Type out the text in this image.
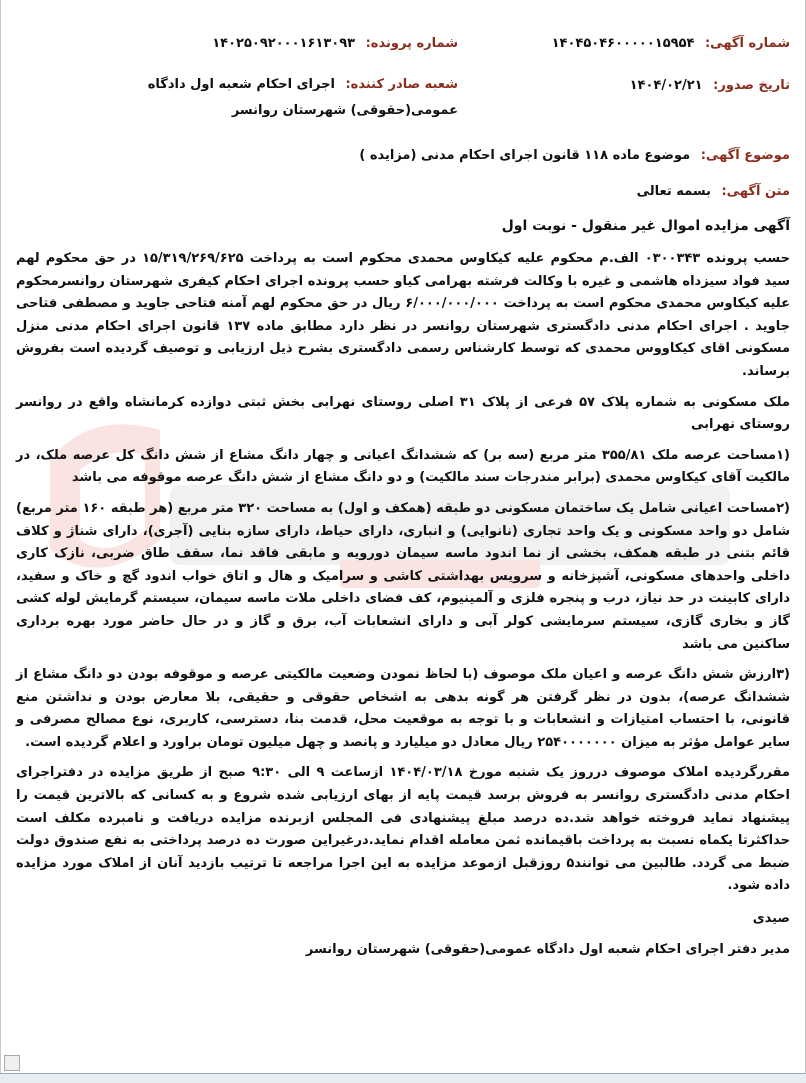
شماره آگهی: ۱۴۰۴۵۰۴۶۰۰۰۰۰۱۵۹۵۴
شماره پرونده: ۱۴۰۲۵۰۹۲۰۰۰۱۶۱۳۰۹۳
تاریخ صدور: ۱۴۰۴/۰۲/۲۱
شعبه صادر کننده: اجرای احکام شعبه اول دادگاه عمومی(حقوقی) شهرستان روانسر
موضوع آگهی: موضوع ماده ۱۱۸ قانون اجرای احکام مدنی (مزایده )
متن آگهی: بسمه تعالی
آگهی مزایده اموال غیر منقول - نوبت اول

حسب پرونده ۰۳۰۰۳۴۳ الف.م محکوم علیه کیکاوس محمدی محکوم است به پرداخت ۱۵/۳۱۹/۲۶۹/۶۲۵ در حق محکوم لهم سید فواد سیزداه هاشمی و غیره با وکالت فرشته بهرامی کیاو حسب پرونده اجرای احکام کیفری شهرستان روانسرمحکوم علیه کیکاوس محمدی محکوم است به پرداخت ۶/۰۰۰/۰۰۰/۰۰۰ ریال در حق محکوم لهم آمنه فتاحی جاوید و مصطفی فتاحی جاوید . اجرای احکام مدنی دادگستری شهرستان روانسر در نظر دارد مطابق ماده ۱۳۷ قانون اجرای احکام مدنی منزل مسکونی اقای کیکاووس محمدی که توسط کارشناس رسمی دادگستری بشرح ذیل ارزیابی و توصیف گردیده است بفروش برساند.

ملک مسکونی به شماره پلاک ۵۷ فرعی از پلاک ۳۱ اصلی روستای نهرابی بخش ثبتی دوازده کرمانشاه واقع در روانسر روستای نهرابی

(۱مساحت عرصه ملک ۳۵۵/۸۱ متر مربع (سه بر) که ششدانگ اعیانی و چهار دانگ مشاع از شش دانگ کل عرصه ملک، در مالکیت آقای کیکاوس محمدی (برابر مندرجات سند مالکیت) و دو دانگ مشاع از شش دانگ عرصه موقوفه می باشد

(۲مساحت اعیانی شامل یک ساختمان مسکونی دو طبقه (همکف و اول) به مساحت ۳۲۰ متر مربع (هر طبقه ۱۶۰ متر مربع) شامل دو واحد مسکونی و یک واحد تجاری (نانوایی) و انباری، دارای حیاط، دارای سازه بنایی (آجری)، دارای شناژ و کلاف قائم بتنی در طبقه همکف، بخشی از نما اندود ماسه سیمان دورویه و مابقی فاقد نما، سقف طاق ضربی، نازک کاری داخلی واحدهای مسکونی، آشپزخانه و سرویس بهداشتی کاشی و سرامیک و هال و اتاق خواب اندود گچ و خاک و سفید، دارای کابینت در حد نیاز، درب و پنجره فلزی و آلمینیوم، کف فضای داخلی ملات ماسه سیمان، سیستم گرمایش لوله کشی گاز و بخاری گازی، سیستم سرمایشی کولر آبی و دارای انشعابات آب، برق و گاز و در حال حاضر مورد بهره برداری ساکنین می باشد

(۳ارزش شش دانگ عرصه و اعیان ملک موصوف (با لحاظ نمودن وضعیت مالکیتی عرصه و موقوفه بودن دو دانگ مشاع از ششدانگ عرصه)، بدون در نظر گرفتن هر گونه بدهی به اشخاص حقوقی و حقیقی، بلا معارض بودن و نداشتن منع قانونی، با احتساب امتیازات و انشعابات و با توجه به موقعیت محل، قدمت بنا، دسترسی، کاربری، نوع مصالح مصرفی و سایر عوامل مؤثر به میزان ۲۵۴۰۰۰۰۰۰۰ ریال معادل دو میلیارد و پانصد و چهل میلیون تومان براورد و اعلام گردیده است.

مقررگردیده املاک موصوف درروز یک شنبه مورخ ۱۴۰۴/۰۳/۱۸ ازساعت ۹ الی ۹:۳۰ صبح از طریق مزایده در دفتراجرای احکام مدنی دادگستری روانسر به فروش برسد قیمت پایه از بهای ارزیابی شده شروع و به کسانی که بالاترین قیمت را پیشنهاد نماید فروخته خواهد شد.ده درصد مبلغ پیشنهادی فی المجلس ازبرنده مزایده دریافت و نامبرده مکلف است حداکثرتا یکماه نسبت به پرداخت باقیمانده ثمن معامله اقدام نماید.درغیراین صورت ده درصد پرداختی به نفع صندوق دولت ضبط می گردد. طالبین می توانند۵ روزقبل ازموعد مزایده به این اجرا مراجعه تا ترتیب بازدید آنان از املاک مورد مزایده داده شود.

صیدی

مدیر دفتر اجرای احکام شعبه اول دادگاه عمومی(حقوقی) شهرستان روانسر
